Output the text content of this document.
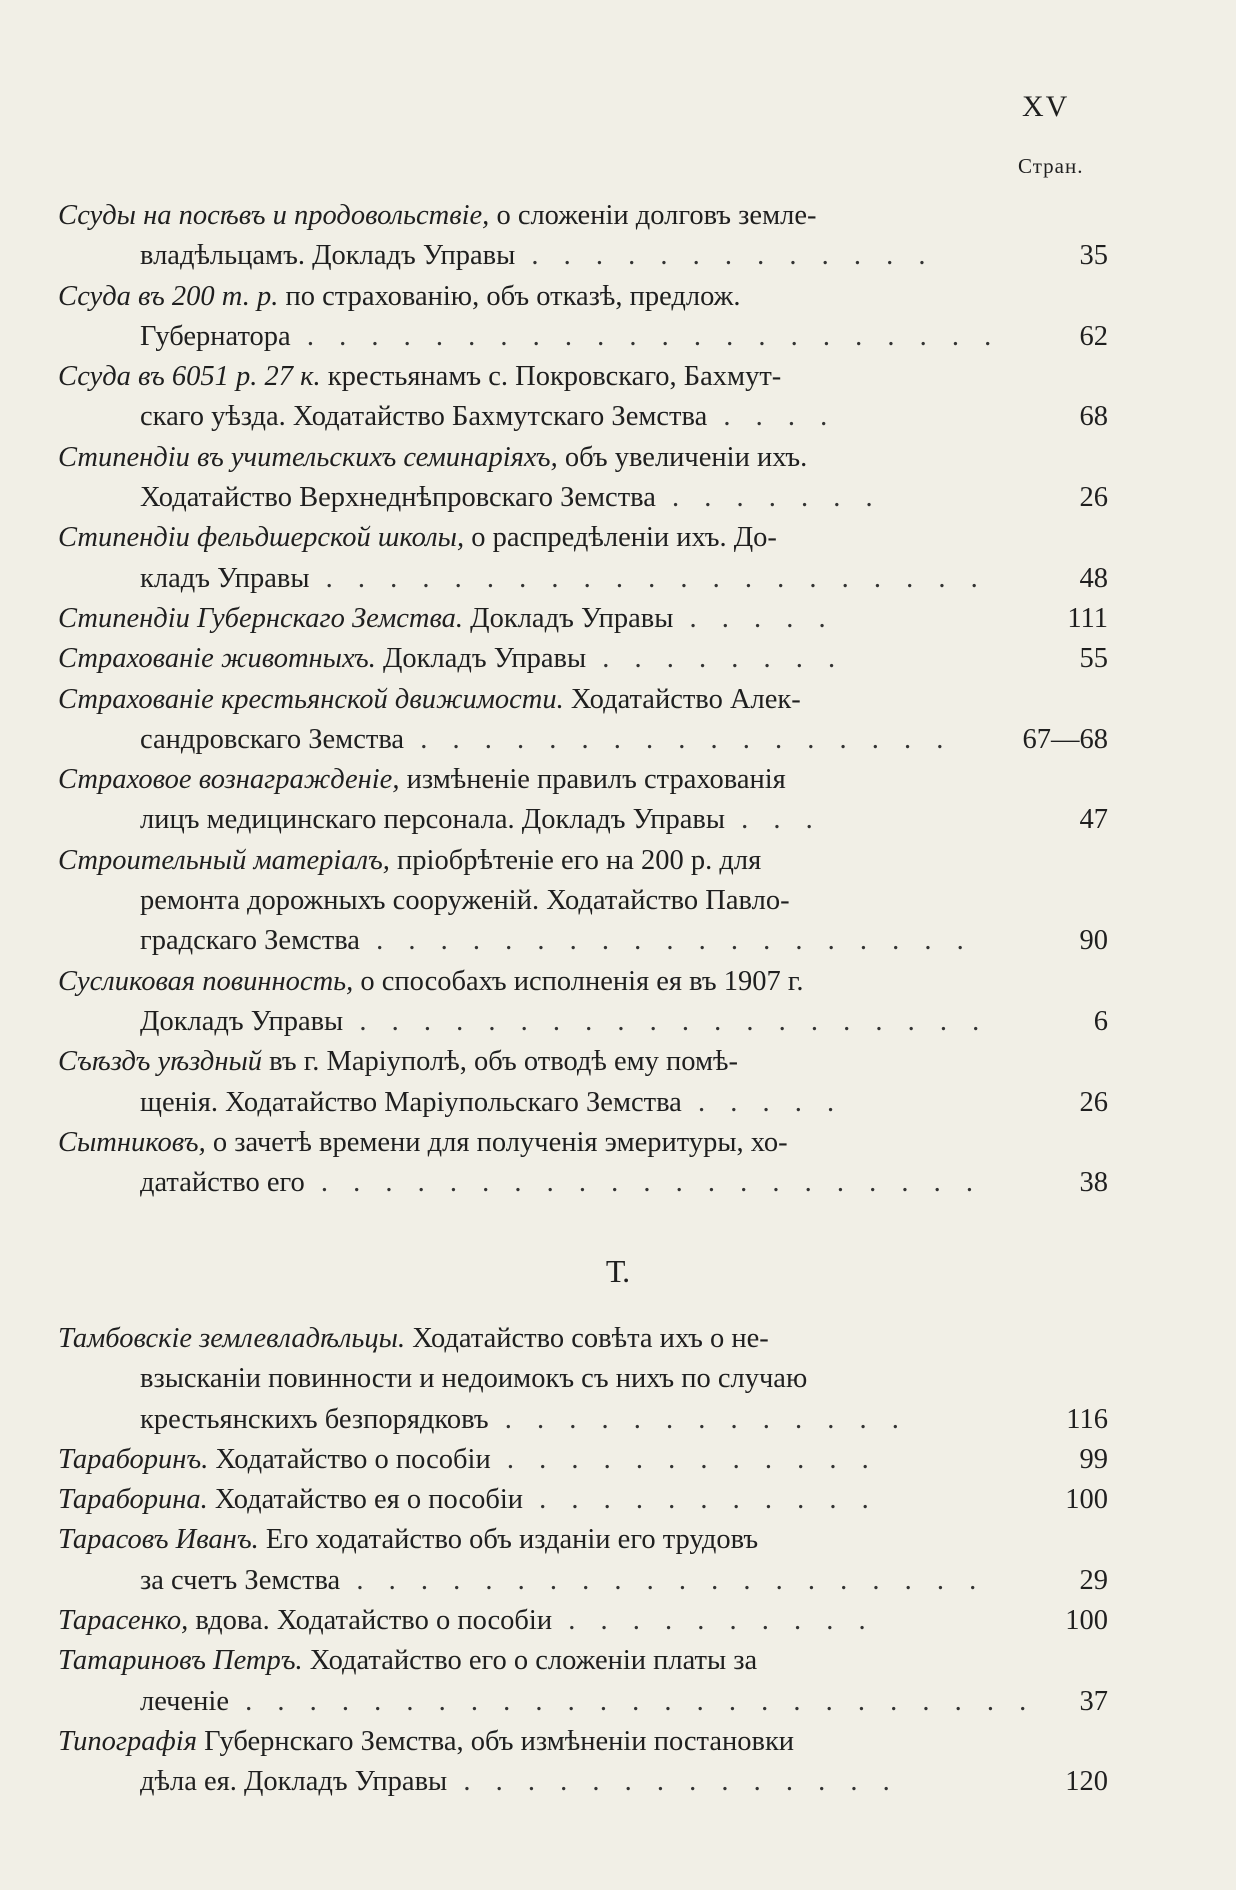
XV
Стран.
Ссуды на посѣвъ и продовольствіе, о сложеніи долговъ земле-
владѣльцамъ. Докладъ Управы . . . . . . . . . . . . .	35
Ссуда въ 200 т. р. по страхованію, объ отказѣ, предлож.
Губернатора . . . . . . . . . . . . . . . . . . . . . .	62
Ссуда въ 6051 р. 27 к. крестьянамъ с. Покровскаго, Бахмут-
скаго уѣзда. Ходатайство Бахмутскаго Земства . . . .	68
Стипендіи въ учительскихъ семинаріяхъ, объ увеличеніи ихъ.
Ходатайство Верхнеднѣпровскаго Земства . . . . . . .	26
Стипендіи фельдшерской школы, о распредѣленіи ихъ. До-
кладъ Управы . . . . . . . . . . . . . . . . . . . . .	48
Стипендіи Губернскаго Земства. Докладъ Управы . . . . .	111
Страхованіе животныхъ. Докладъ Управы . . . . . . . .	55
Страхованіе крестьянской движимости. Ходатайство Алек-
сандровскаго Земства . . . . . . . . . . . . . . . . .	67—68
Страховое вознагражденіе, измѣненіе правилъ страхованія
лицъ медицинскаго персонала. Докладъ Управы . . .	47
Строительный матеріалъ, пріобрѣтеніе его на 200 р. для
ремонта дорожныхъ сооруженій. Ходатайство Павло-
градскаго Земства . . . . . . . . . . . . . . . . . . .	90
Сусликовая повинность, о способахъ исполненія ея въ 1907 г.
Докладъ Управы . . . . . . . . . . . . . . . . . . . .	6
Съѣздъ уѣздный въ г. Маріуполѣ, объ отводѣ ему помѣ-
щенія. Ходатайство Маріупольскаго Земства . . . . .	26
Сытниковъ, о зачетѣ времени для полученія эмеритуры, хо-
датайство его . . . . . . . . . . . . . . . . . . . . .	38
Т.
Тамбовскіе землевладѣльцы. Ходатайство совѣта ихъ о не-
взысканіи повинности и недоимокъ съ нихъ по случаю
крестьянскихъ безпорядковъ . . . . . . . . . . . . .	116
Тараборинъ. Ходатайство о пособіи . . . . . . . . . . . .	99
Тараборина. Ходатайство ея о пособіи . . . . . . . . . . .	100
Тарасовъ Иванъ. Его ходатайство объ изданіи его трудовъ
за счетъ Земства . . . . . . . . . . . . . . . . . . . .	29
Тарасенко, вдова. Ходатайство о пособіи . . . . . . . . . .	100
Татариновъ Петръ. Ходатайство его о сложеніи платы за
леченіе . . . . . . . . . . . . . . . . . . . . . . . . .	37
Типографія Губернскаго Земства, объ измѣненіи постановки
дѣла ея. Докладъ Управы . . . . . . . . . . . . . .	120
